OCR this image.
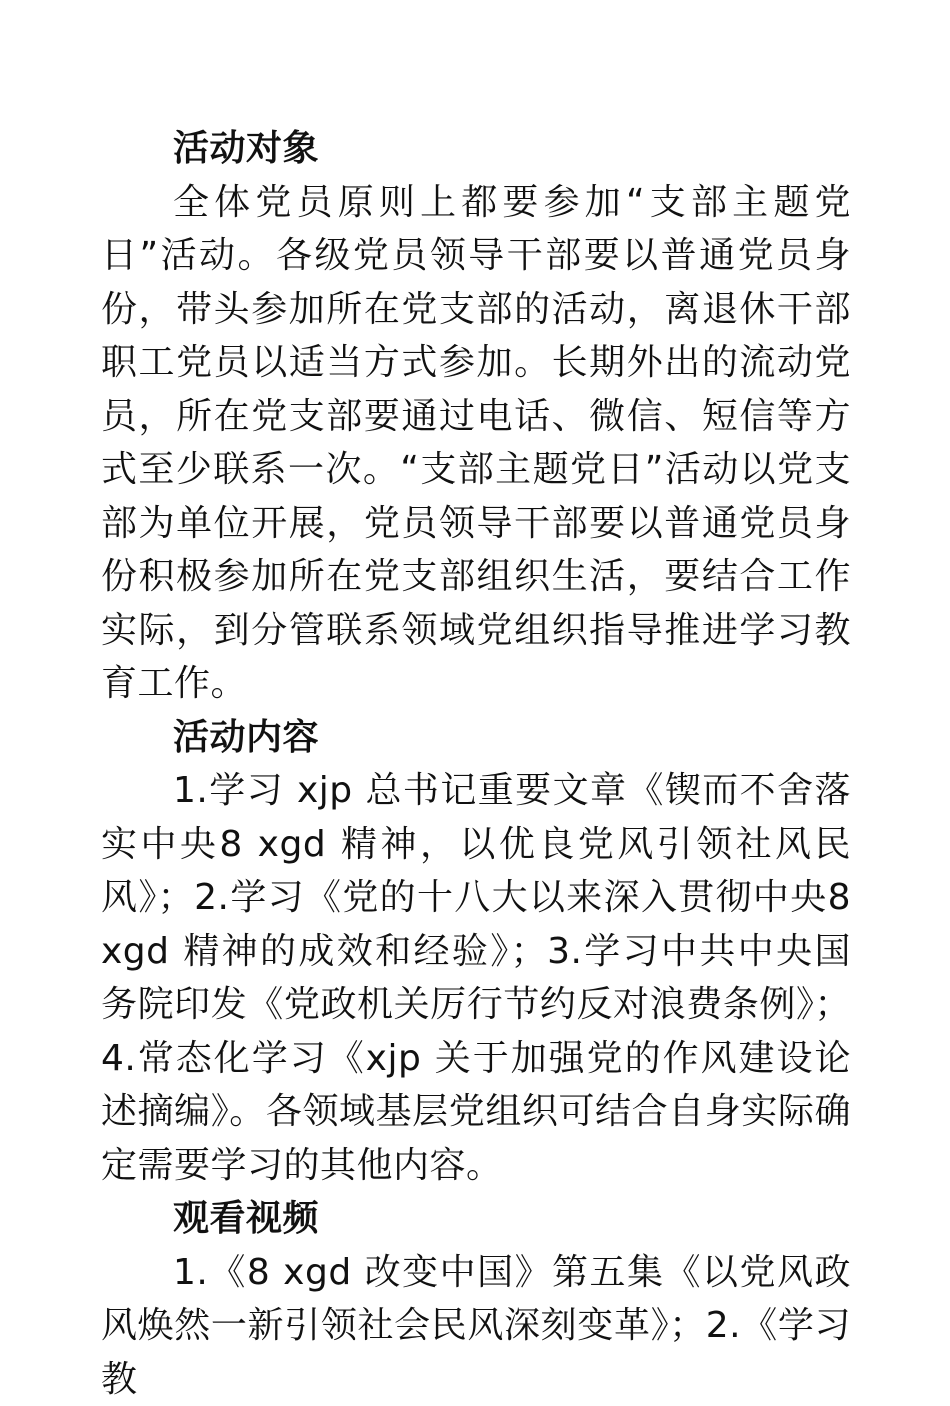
活动对象

全体党员原则上都要参加“支部主题党日”活动。各级党员领导干部要以普通党员身份，带头参加所在党支部的活动，离退休干部职工党员以适当方式参加。长期外出的流动党员，所在党支部要通过电话、微信、短信等方式至少联系一次。“支部主题党日”活动以党支部为单位开展，党员领导干部要以普通党员身份积极参加所在党支部组织生活，要结合工作实际，到分管联系领域党组织指导推进学习教育工作。

活动内容

1.学习 xjp 总书记重要文章《锲而不舍落实中央8 xgd 精神，以优良党风引领社风民风》；2.学习《党的十八大以来深入贯彻中央8 xgd 精神的成效和经验》；3.学习中共中央国务院印发《党政机关厉行节约反对浪费条例》；4.常态化学习《xjp 关于加强党的作风建设论述摘编》。各领域基层党组织可结合自身实际确定需要学习的其他内容。

观看视频

1.《8 xgd 改变中国》第五集《以党风政风焕然一新引领社会民风深刻变革》；2.《学习教
